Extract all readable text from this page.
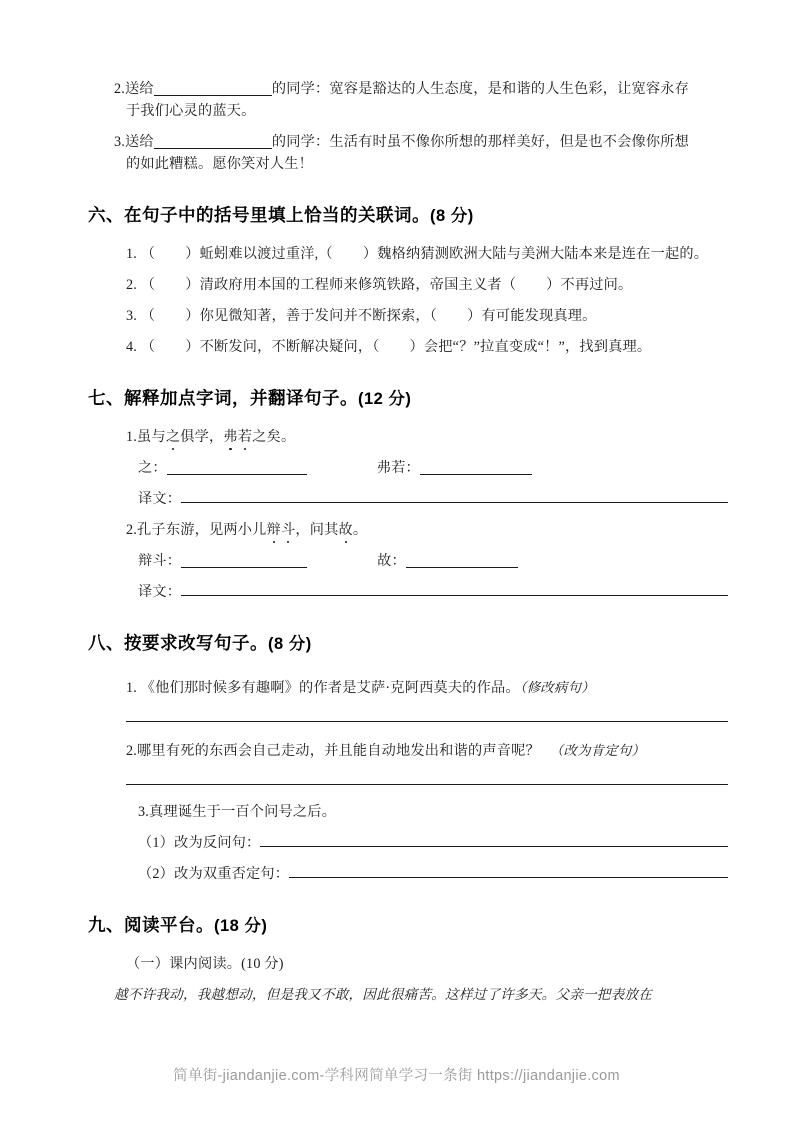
2.送给	的同学：宽容是豁达的人生态度，是和谐的人生色彩，让宽容永存
于我们心灵的蓝天。
3.送给	的同学：生活有时虽不像你所想的那样美好，但是也不会像你所想
的如此糟糕。愿你笑对人生！
六、在句子中的括号里填上恰当的关联词。(8 分)
1. （ ）蚯蚓难以渡过重洋,（ ）魏格纳猜测欧洲大陆与美洲大陆本来是连在一起的。
2. （ ）清政府用本国的工程师来修筑铁路，帝国主义者（ ）不再过问。
3. （ ）你见微知著，善于发问并不断探索，（ ）有可能发现真理。
4. （ ）不断发问，不断解决疑问，（ ）会把“？”拉直变成“！”，找到真理。
七、解释加点字词，并翻译句子。(12 分)
1.虽与之俱学，弗若之矣。
之：	弗若：
译文：
2.孔子东游，见两小儿辩斗，问其故。
辩斗：	故：
译文：
八、按要求改写句子。(8 分)
1. 《他们那时候多有趣啊》的作者是艾萨·克阿西莫夫的作品。（修改病句）
2.哪里有死的东西会自己走动，并且能自动地发出和谐的声音呢？ （改为肯定句）
3.真理诞生于一百个问号之后。
（1）改为反问句：
（2）改为双重否定句：
九、阅读平台。(18 分)
（一）课内阅读。(10 分)
越不许我动，我越想动，但是我又不敢，因此很痛苦。这样过了许多天。父亲一把表放在
简单街-jiandanjie.com-学科网简单学习一条街 https://jiandanjie.com
